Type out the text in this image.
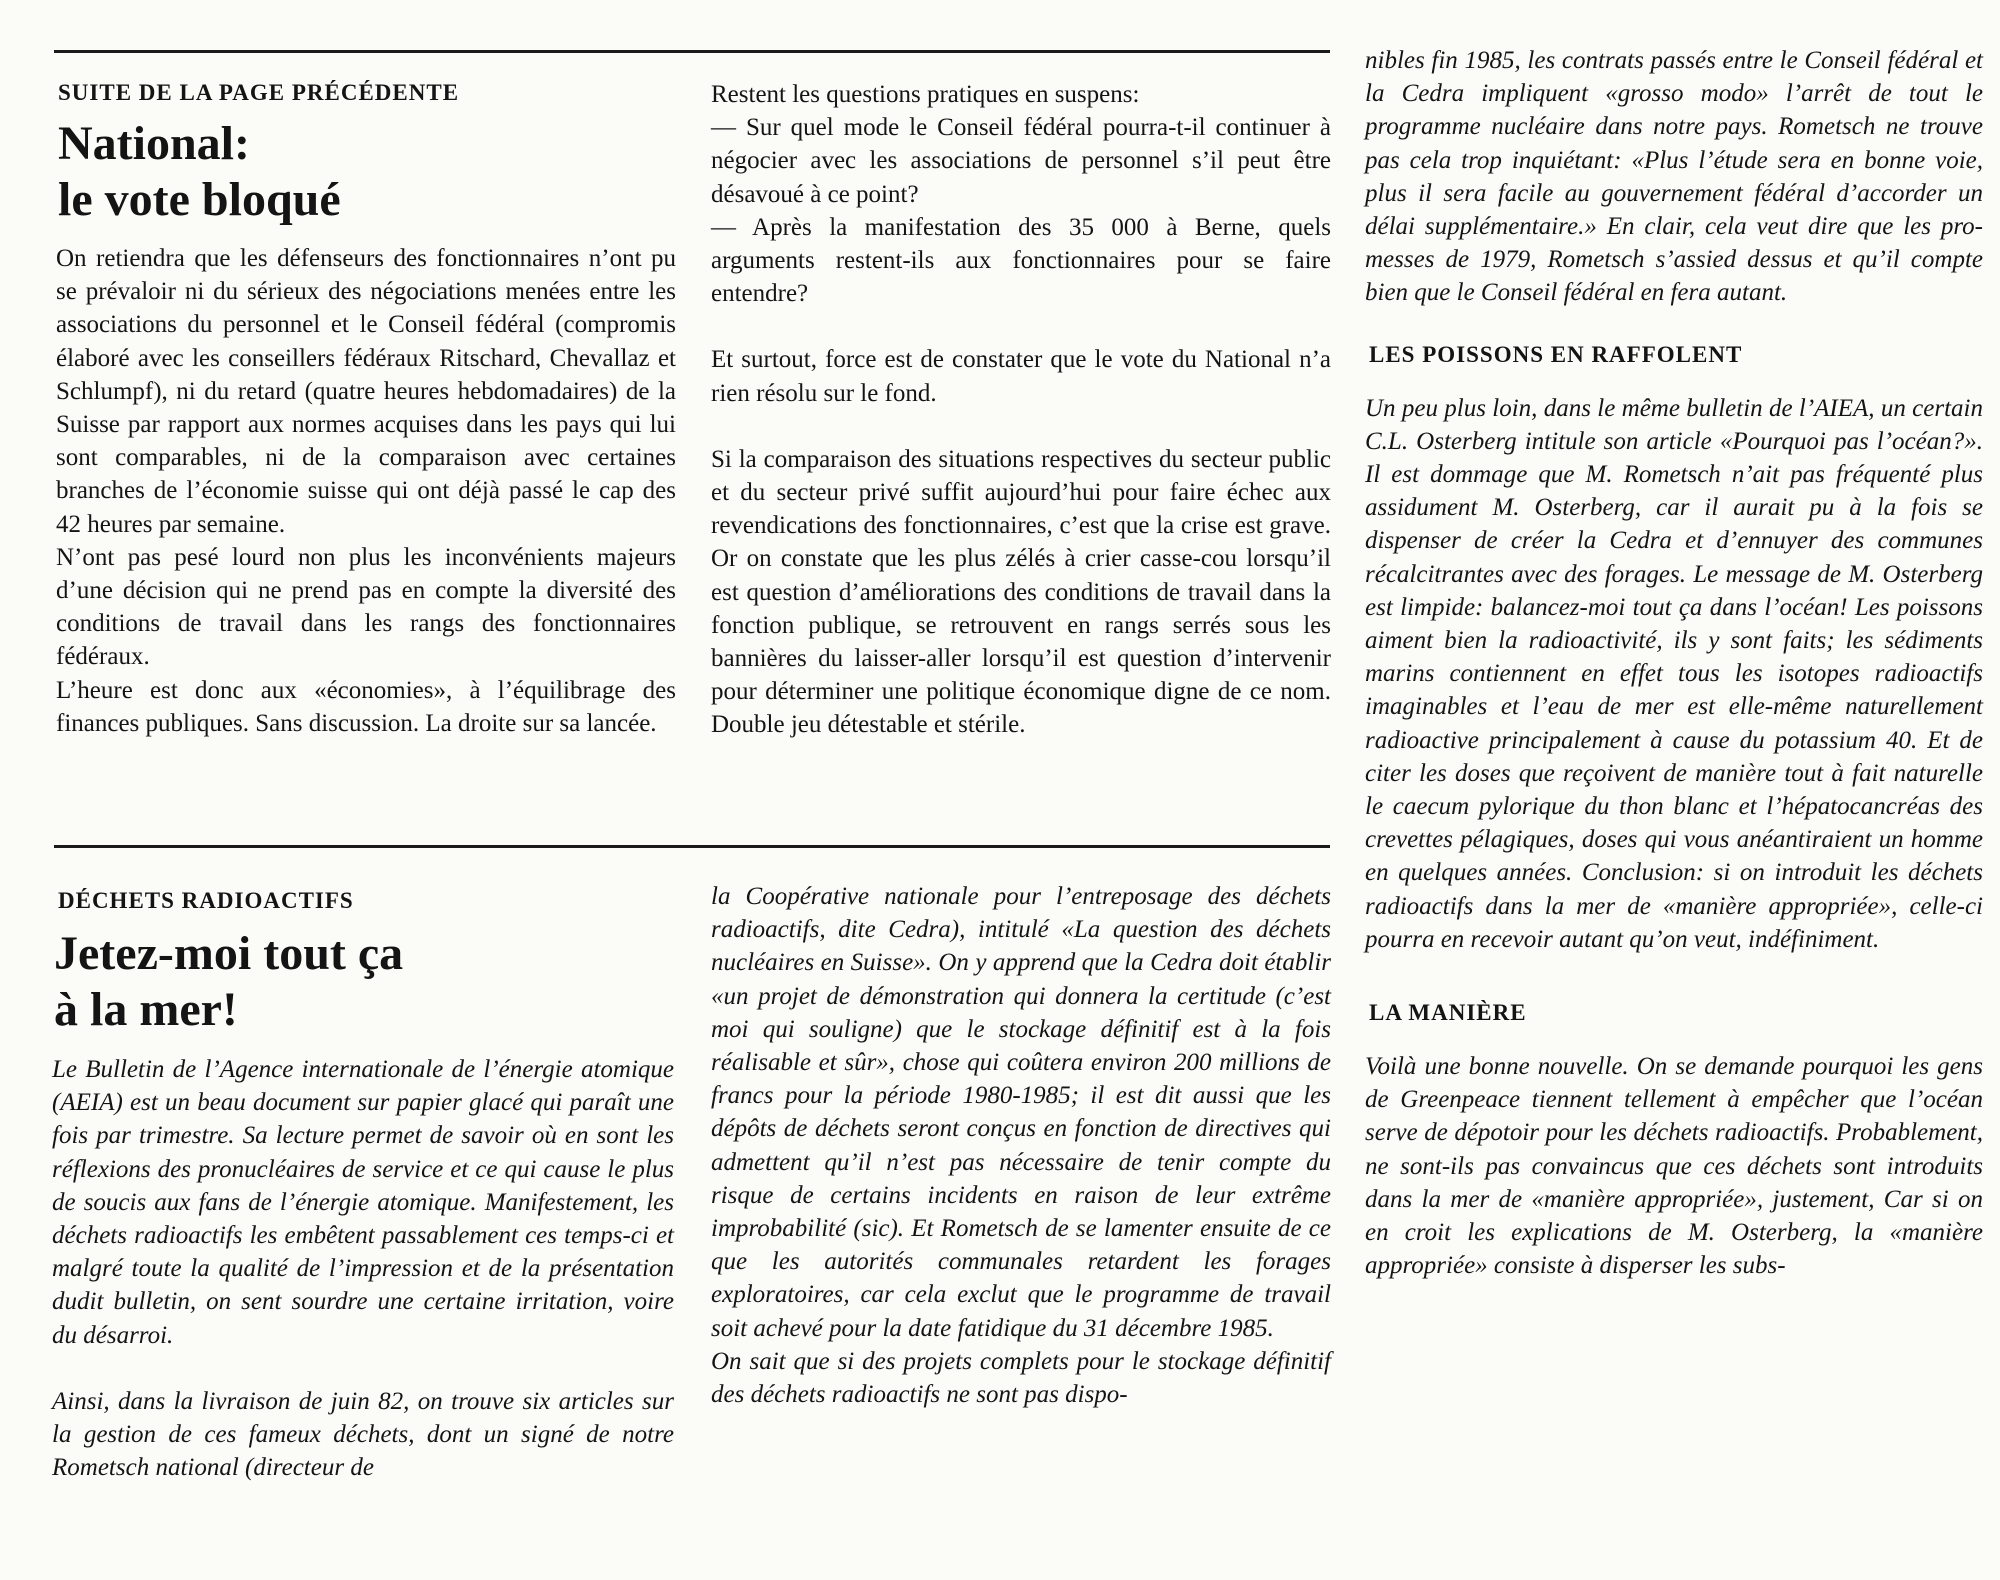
SUITE DE LA PAGE PRÉCÉDENTE

National:
le vote bloqué

On retiendra que les défenseurs des fonctionnaires n’ont pu se prévaloir ni du sérieux des négociations menées entre les associations du personnel et le Conseil fédéral (compromis élaboré avec les conseillers fédéraux Ritschard, Chevallaz et Schlumpf), ni du retard (quatre heures hebdomadaires) de la Suisse par rapport aux normes acquises dans les pays qui lui sont comparables, ni de la comparaison avec certaines branches de l’économie suisse qui ont déjà passé le cap des 42 heures par semaine.

N’ont pas pesé lourd non plus les inconvénients majeurs d’une décision qui ne prend pas en compte la diversité des conditions de travail dans les rangs des fonctionnaires fédéraux.

L’heure est donc aux «économies», à l’équilibrage des finances publiques. Sans discussion. La droite sur sa lancée.

Restent les questions pratiques en suspens:

— Sur quel mode le Conseil fédéral pourra-t-il continuer à négocier avec les associations de personnel s’il peut être désavoué à ce point?

— Après la manifestation des 35 000 à Berne, quels arguments restent-ils aux fonctionnaires pour se faire entendre?

Et surtout, force est de constater que le vote du National n’a rien résolu sur le fond.

Si la comparaison des situations respectives du secteur public et du secteur privé suffit aujourd’hui pour faire échec aux revendications des fonctionnaires, c’est que la crise est grave. Or on constate que les plus zélés à crier casse-cou lorsqu’il est question d’améliorations des conditions de travail dans la fonction publique, se retrouvent en rangs serrés sous les bannières du laisser-aller lorsqu’il est question d’intervenir pour déterminer une politique économique digne de ce nom. Double jeu détestable et stérile.

DÉCHETS RADIOACTIFS

Jetez-moi tout ça
à la mer!

Le Bulletin de l’Agence internationale de l’énergie atomique (AEIA) est un beau document sur papier glacé qui paraît une fois par trimestre. Sa lecture permet de savoir où en sont les réflexions des pronucléaires de service et ce qui cause le plus de soucis aux fans de l’énergie atomique. Manifestement, les déchets radioactifs les embêtent passablement ces temps-ci et malgré toute la qualité de l’impression et de la présentation dudit bulletin, on sent sourdre une certaine irritation, voire du désarroi.

Ainsi, dans la livraison de juin 82, on trouve six articles sur la gestion de ces fameux déchets, dont un signé de notre Rometsch national (directeur de

la Coopérative nationale pour l’entreposage des déchets radioactifs, dite Cedra), intitulé «La question des déchets nucléaires en Suisse». On y apprend que la Cedra doit établir «un projet de démonstration qui donnera la certitude (c’est moi qui souligne) que le stockage définitif est à la fois réalisable et sûr», chose qui coûtera environ 200 millions de francs pour la période 1980-1985; il est dit aussi que les dépôts de déchets seront conçus en fonction de directives qui admettent qu’il n’est pas nécessaire de tenir compte du risque de certains incidents en raison de leur extrême improbabilité (sic). Et Rometsch de se lamenter ensuite de ce que les autorités communales retardent les forages exploratoires, car cela exclut que le programme de travail soit achevé pour la date fatidique du 31 décembre 1985.

On sait que si des projets complets pour le stockage définitif des déchets radioactifs ne sont pas dispo-

nibles fin 1985, les contrats passés entre le Conseil fédéral et la Cedra impliquent «grosso modo» l’arrêt de tout le programme nucléaire dans notre pays. Rometsch ne trouve pas cela trop inquiétant: «Plus l’étude sera en bonne voie, plus il sera facile au gouvernement fédéral d’accorder un délai supplémentaire.» En clair, cela veut dire que les promesses de 1979, Rometsch s’assied dessus et qu’il compte bien que le Conseil fédéral en fera autant.

LES POISSONS EN RAFFOLENT

Un peu plus loin, dans le même bulletin de l’AIEA, un certain C.L. Osterberg intitule son article «Pourquoi pas l’océan?». Il est dommage que M. Rometsch n’ait pas fréquenté plus assidument M. Osterberg, car il aurait pu à la fois se dispenser de créer la Cedra et d’ennuyer des communes récalcitrantes avec des forages. Le message de M. Osterberg est limpide: balancez-moi tout ça dans l’océan! Les poissons aiment bien la radioactivité, ils y sont faits; les sédiments marins contiennent en effet tous les isotopes radioactifs imaginables et l’eau de mer est elle-même naturellement radioactive principalement à cause du potassium 40. Et de citer les doses que reçoivent de manière tout à fait naturelle le caecum pylorique du thon blanc et l’hépatocancréas des crevettes pélagiques, doses qui vous anéantiraient un homme en quelques années. Conclusion: si on introduit les déchets radioactifs dans la mer de «manière appropriée», celle-ci pourra en recevoir autant qu’on veut, indéfiniment.

LA MANIÈRE

Voilà une bonne nouvelle. On se demande pourquoi les gens de Greenpeace tiennent tellement à empêcher que l’océan serve de dépotoir pour les déchets radioactifs. Probablement, ne sont-ils pas convaincus que ces déchets sont introduits dans la mer de «manière appropriée», justement, Car si on en croit les explications de M. Osterberg, la «manière appropriée» consiste à disperser les subs-
